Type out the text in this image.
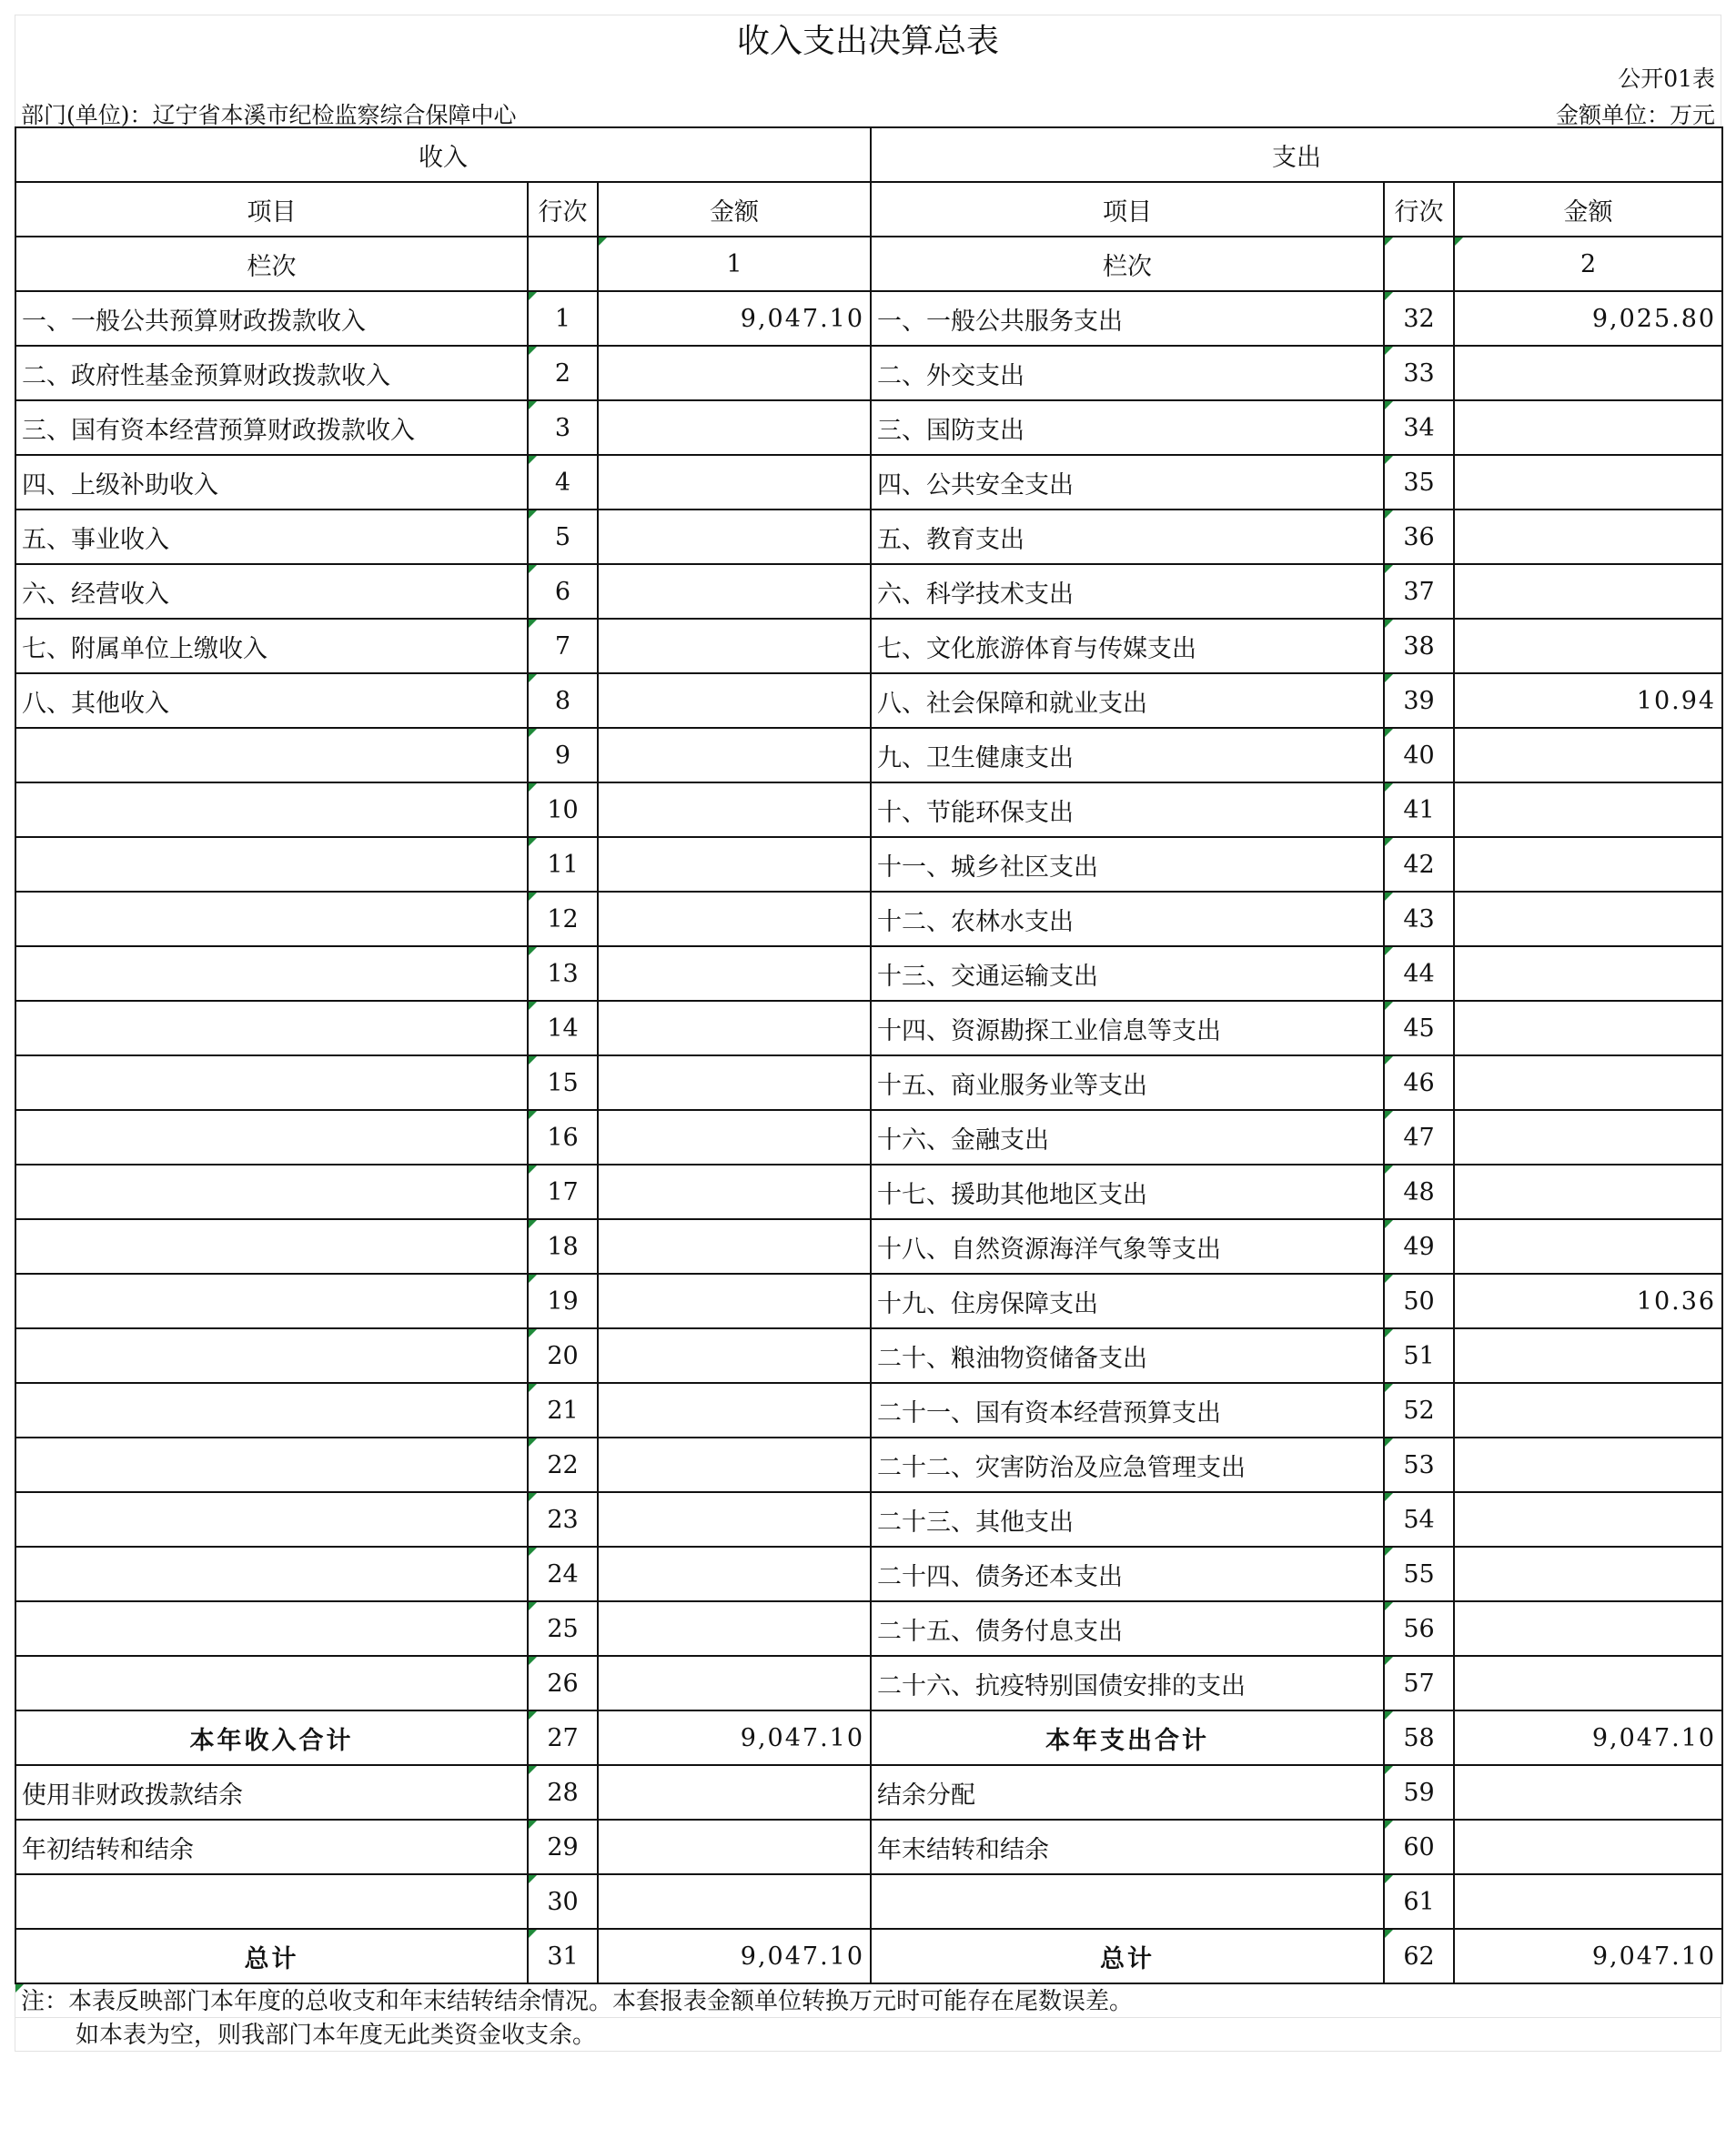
收入支出决算总表
公开01表
部门(单位)：辽宁省本溪市纪检监察综合保障中心	金额单位：万元
收入			支出		
项目	行次	金额	项目	行次	金额
栏次		1	栏次		2
一、一般公共预算财政拨款收入	1	9,047.10	一、一般公共服务支出	32	9,025.80
二、政府性基金预算财政拨款收入	2		二、外交支出	33	
三、国有资本经营预算财政拨款收入	3		三、国防支出	34	
四、上级补助收入	4		四、公共安全支出	35	
五、事业收入	5		五、教育支出	36	
六、经营收入	6		六、科学技术支出	37	
七、附属单位上缴收入	7		七、文化旅游体育与传媒支出	38	
八、其他收入	8		八、社会保障和就业支出	39	10.94
	9		九、卫生健康支出	40	
	10		十、节能环保支出	41	
	11		十一、城乡社区支出	42	
	12		十二、农林水支出	43	
	13		十三、交通运输支出	44	
	14		十四、资源勘探工业信息等支出	45	
	15		十五、商业服务业等支出	46	
	16		十六、金融支出	47	
	17		十七、援助其他地区支出	48	
	18		十八、自然资源海洋气象等支出	49	
	19		十九、住房保障支出	50	10.36
	20		二十、粮油物资储备支出	51	
	21		二十一、国有资本经营预算支出	52	
	22		二十二、灾害防治及应急管理支出	53	
	23		二十三、其他支出	54	
	24		二十四、债务还本支出	55	
	25		二十五、债务付息支出	56	
	26		二十六、抗疫特别国债安排的支出	57	
本年收入合计	27	9,047.10	本年支出合计	58	9,047.10
使用非财政拨款结余	28		结余分配	59	
年初结转和结余	29		年末结转和结余	60	
	30			61	
总计	31	9,047.10	总计	62	9,047.10
注：本表反映部门本年度的总收支和年末结转结余情况。本套报表金额单位转换万元时可能存在尾数误差。
如本表为空，则我部门本年度无此类资金收支余。
